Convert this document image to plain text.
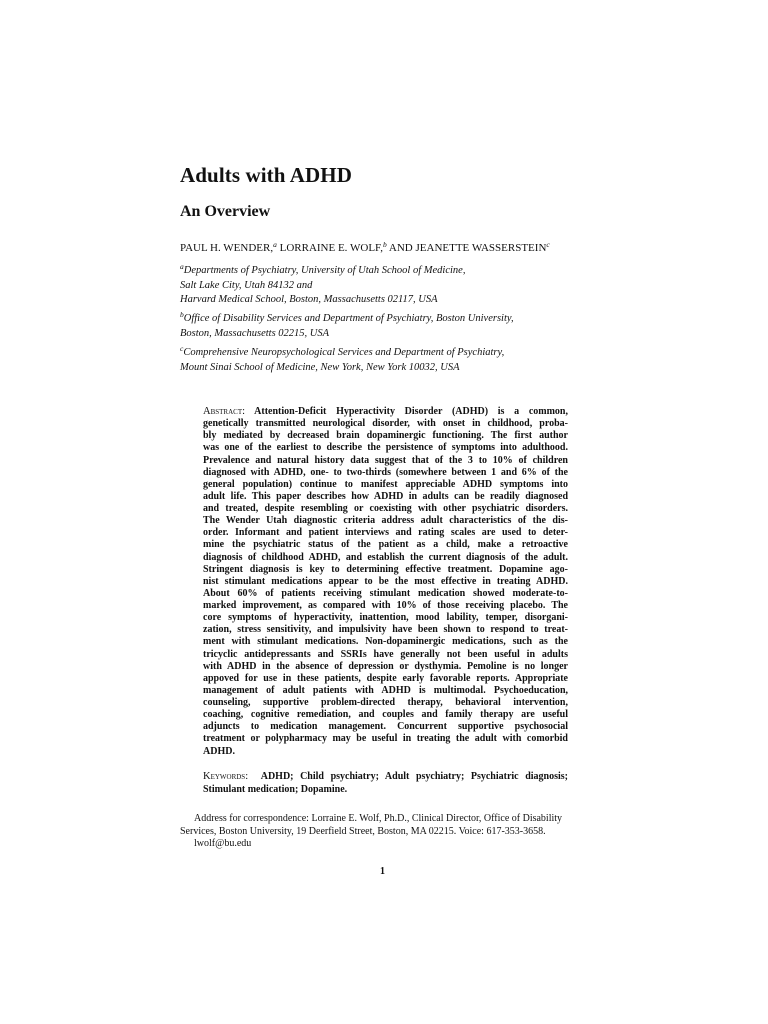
Adults with ADHD
An Overview
PAUL H. WENDER,$^a$ LORRAINE E. WOLF,$^b$ AND JEANETTE WASSERSTEIN$^c$
$^a$Departments of Psychiatry, University of Utah School of Medicine,
Salt Lake City, Utah 84132 and
Harvard Medical School, Boston, Massachusetts 02117, USA
$^b$Office of Disability Services and Department of Psychiatry, Boston University,
Boston, Massachusetts 02215, USA
$^c$Comprehensive Neuropsychological Services and Department of Psychiatry,
Mount Sinai School of Medicine, New York, New York 10032, USA
Abstract: Attention-Deficit Hyperactivity Disorder (ADHD) is a common,
genetically transmitted neurological disorder, with onset in childhood, proba-
bly mediated by decreased brain dopaminergic functioning. The first author
was one of the earliest to describe the persistence of symptoms into adulthood.
Prevalence and natural history data suggest that of the 3 to 10% of children
diagnosed with ADHD, one- to two-thirds (somewhere between 1 and 6% of the
general population) continue to manifest appreciable ADHD symptoms into
adult life. This paper describes how ADHD in adults can be readily diagnosed
and treated, despite resembling or coexisting with other psychiatric disorders.
The Wender Utah diagnostic criteria address adult characteristics of the dis-
order. Informant and patient interviews and rating scales are used to deter-
mine the psychiatric status of the patient as a child, make a retroactive
diagnosis of childhood ADHD, and establish the current diagnosis of the adult.
Stringent diagnosis is key to determining effective treatment. Dopamine ago-
nist stimulant medications appear to be the most effective in treating ADHD.
About 60% of patients receiving stimulant medication showed moderate-to-
marked improvement, as compared with 10% of those receiving placebo. The
core symptoms of hyperactivity, inattention, mood lability, temper, disorgani-
zation, stress sensitivity, and impulsivity have been shown to respond to treat-
ment with stimulant medications. Non-dopaminergic medications, such as the
tricyclic antidepressants and SSRIs have generally not been useful in adults
with ADHD in the absence of depression or dysthymia. Pemoline is no longer
appoved for use in these patients, despite early favorable reports. Appropriate
management of adult patients with ADHD is multimodal. Psychoeducation,
counseling, supportive problem-directed therapy, behavioral intervention,
coaching, cognitive remediation, and couples and family therapy are useful
adjuncts to medication management. Concurrent supportive psychosocial
treatment or polypharmacy may be useful in treating the adult with comorbid
ADHD.
Keywords: ADHD; Child psychiatry; Adult psychiatry; Psychiatric diagnosis;
Stimulant medication; Dopamine.
Address for correspondence: Lorraine E. Wolf, Ph.D., Clinical Director, Office of Disability
Services, Boston University, 19 Deerfield Street, Boston, MA 02215. Voice: 617-353-3658.
lwolf@bu.edu
1
